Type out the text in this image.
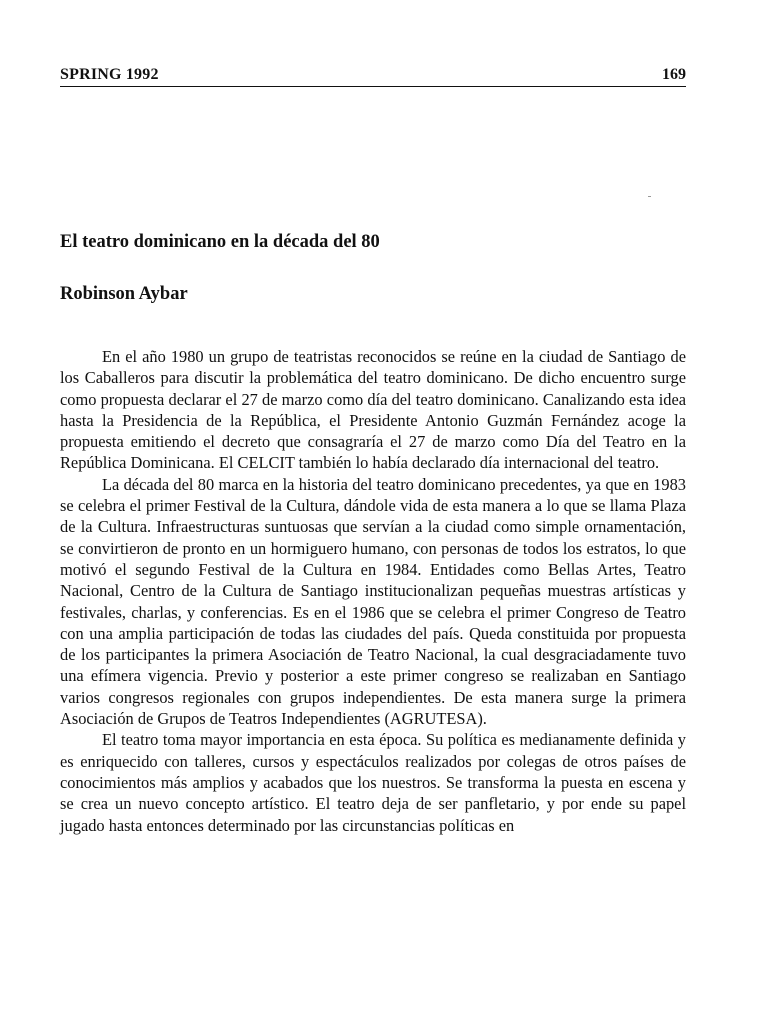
SPRING 1992	169
El teatro dominicano en la década del 80
Robinson Aybar

En el año 1980 un grupo de teatristas reconocidos se reúne en la ciudad de Santiago de los Caballeros para discutir la problemática del teatro dominicano. De dicho encuentro surge como propuesta declarar el 27 de marzo como día del teatro dominicano. Canalizando esta idea hasta la Presidencia de la República, el Presidente Antonio Guzmán Fernández acoge la propuesta emitiendo el decreto que consagraría el 27 de marzo como Día del Teatro en la República Dominicana. El CELCIT también lo había declarado día internacional del teatro.

La década del 80 marca en la historia del teatro dominicano precedentes, ya que en 1983 se celebra el primer Festival de la Cultura, dándole vida de esta manera a lo que se llama Plaza de la Cultura. Infraestructuras suntuosas que servían a la ciudad como simple ornamentación, se convirtieron de pronto en un hormiguero humano, con personas de todos los estratos, lo que motivó el segundo Festival de la Cultura en 1984. Entidades como Bellas Artes, Teatro Nacional, Centro de la Cultura de Santiago institucionalizan pequeñas muestras artísticas y festivales, charlas, y conferencias. Es en el 1986 que se celebra el primer Congreso de Teatro con una amplia participación de todas las ciudades del país. Queda constituida por propuesta de los participantes la primera Asociación de Teatro Nacional, la cual desgraciadamente tuvo una efímera vigencia. Previo y posterior a este primer congreso se realizaban en Santiago varios congresos regionales con grupos independientes. De esta manera surge la primera Asociación de Grupos de Teatros Independientes (AGRUTESA).

El teatro toma mayor importancia en esta época. Su política es medianamente definida y es enriquecido con talleres, cursos y espectáculos realizados por colegas de otros países de conocimientos más amplios y acabados que los nuestros. Se transforma la puesta en escena y se crea un nuevo concepto artístico. El teatro deja de ser panfletario, y por ende su papel jugado hasta entonces determinado por las circunstancias políticas en
